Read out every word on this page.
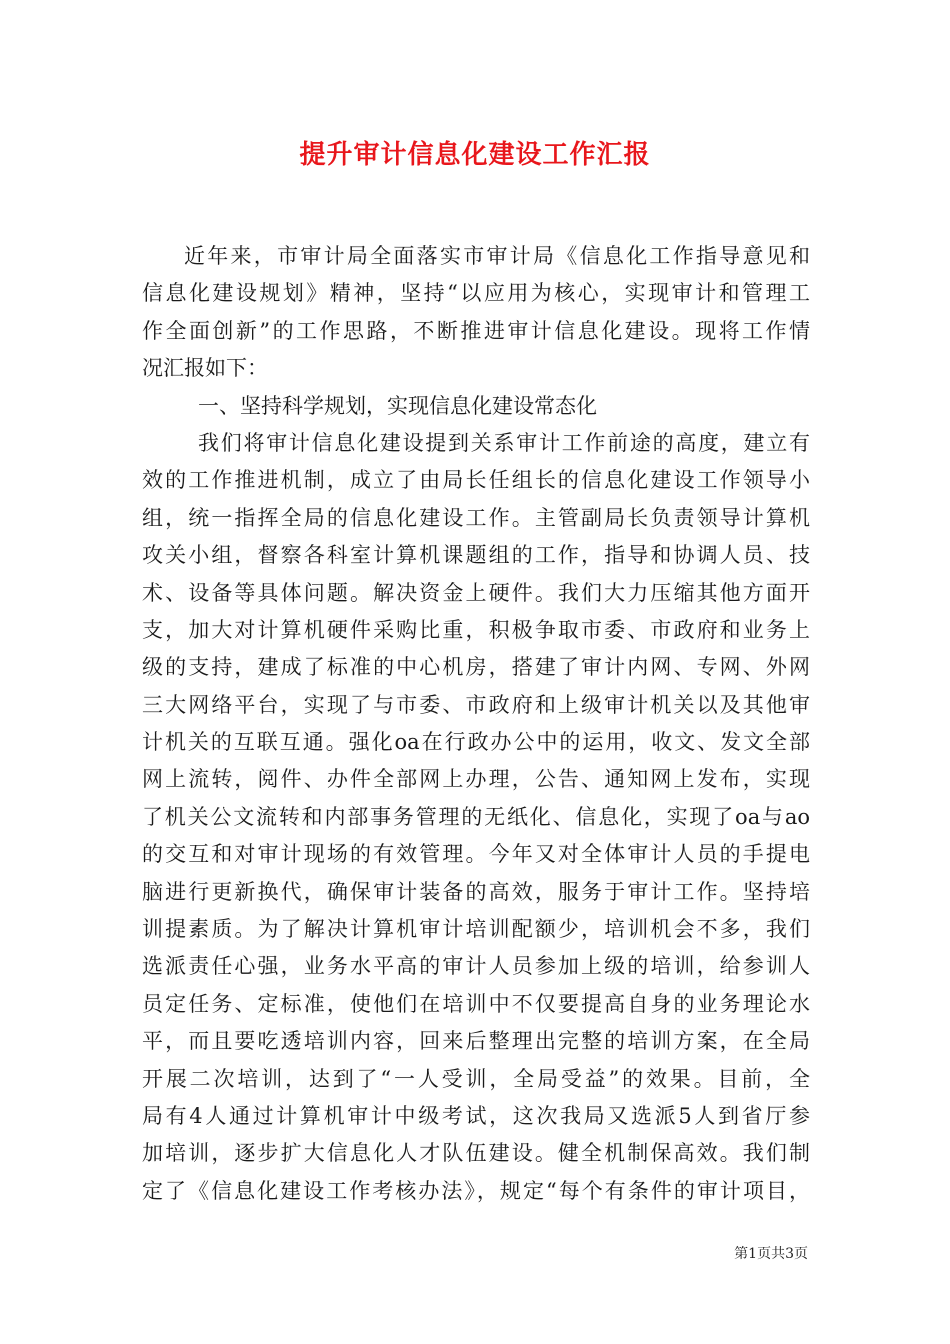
提升审计信息化建设工作汇报
近年来，市审计局全面落实市审计局《信息化工作指导意见和
信息化建设规划》精神，坚持“以应用为核心，实现审计和管理工
作全面创新”的工作思路，不断推进审计信息化建设。现将工作情
况汇报如下：
一、坚持科学规划，实现信息化建设常态化
我们将审计信息化建设提到关系审计工作前途的高度，建立有
效的工作推进机制，成立了由局长任组长的信息化建设工作领导小
组，统一指挥全局的信息化建设工作。主管副局长负责领导计算机
攻关小组，督察各科室计算机课题组的工作，指导和协调人员、技
术、设备等具体问题。解决资金上硬件。我们大力压缩其他方面开
支，加大对计算机硬件采购比重，积极争取市委、市政府和业务上
级的支持，建成了标准的中心机房，搭建了审计内网、专网、外网
三大网络平台，实现了与市委、市政府和上级审计机关以及其他审
计机关的互联互通。强化oa在行政办公中的运用，收文、发文全部
网上流转，阅件、办件全部网上办理，公告、通知网上发布，实现
了机关公文流转和内部事务管理的无纸化、信息化，实现了oa与ao
的交互和对审计现场的有效管理。今年又对全体审计人员的手提电
脑进行更新换代，确保审计装备的高效，服务于审计工作。坚持培
训提素质。为了解决计算机审计培训配额少，培训机会不多，我们
选派责任心强，业务水平高的审计人员参加上级的培训，给参训人
员定任务、定标准，使他们在培训中不仅要提高自身的业务理论水
平，而且要吃透培训内容，回来后整理出完整的培训方案，在全局
开展二次培训，达到了“一人受训，全局受益”的效果。目前，全
局有4人通过计算机审计中级考试，这次我局又选派5人到省厅参
加培训，逐步扩大信息化人才队伍建设。健全机制保高效。我们制
定了《信息化建设工作考核办法》，规定“每个有条件的审计项目，
第1页共3页
